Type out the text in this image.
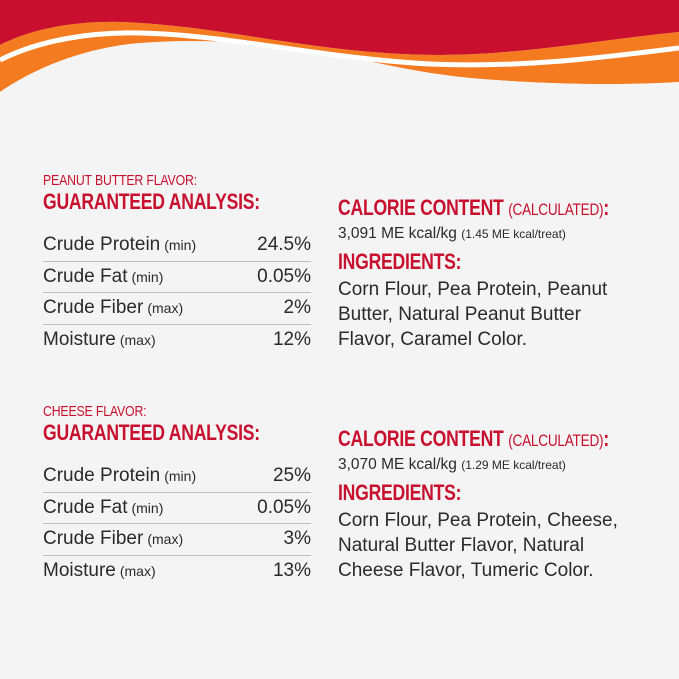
PEANUT BUTTER FLAVOR:
GUARANTEED ANALYSIS:
Crude Protein (min)	24.5%
Crude Fat (min)	0.05%
Crude Fiber (max)	2%
Moisture (max)	12%
CALORIE CONTENT (CALCULATED):
3,091 ME kcal/kg (1.45 ME kcal/treat)
INGREDIENTS:
Corn Flour, Pea Protein, Peanut Butter, Natural Peanut Butter Flavor, Caramel Color.
CHEESE FLAVOR:
GUARANTEED ANALYSIS:
Crude Protein (min)	25%
Crude Fat (min)	0.05%
Crude Fiber (max)	3%
Moisture (max)	13%
CALORIE CONTENT (CALCULATED):
3,070 ME kcal/kg (1.29 ME kcal/treat)
INGREDIENTS:
Corn Flour, Pea Protein, Cheese, Natural Butter Flavor, Natural Cheese Flavor, Tumeric Color.
